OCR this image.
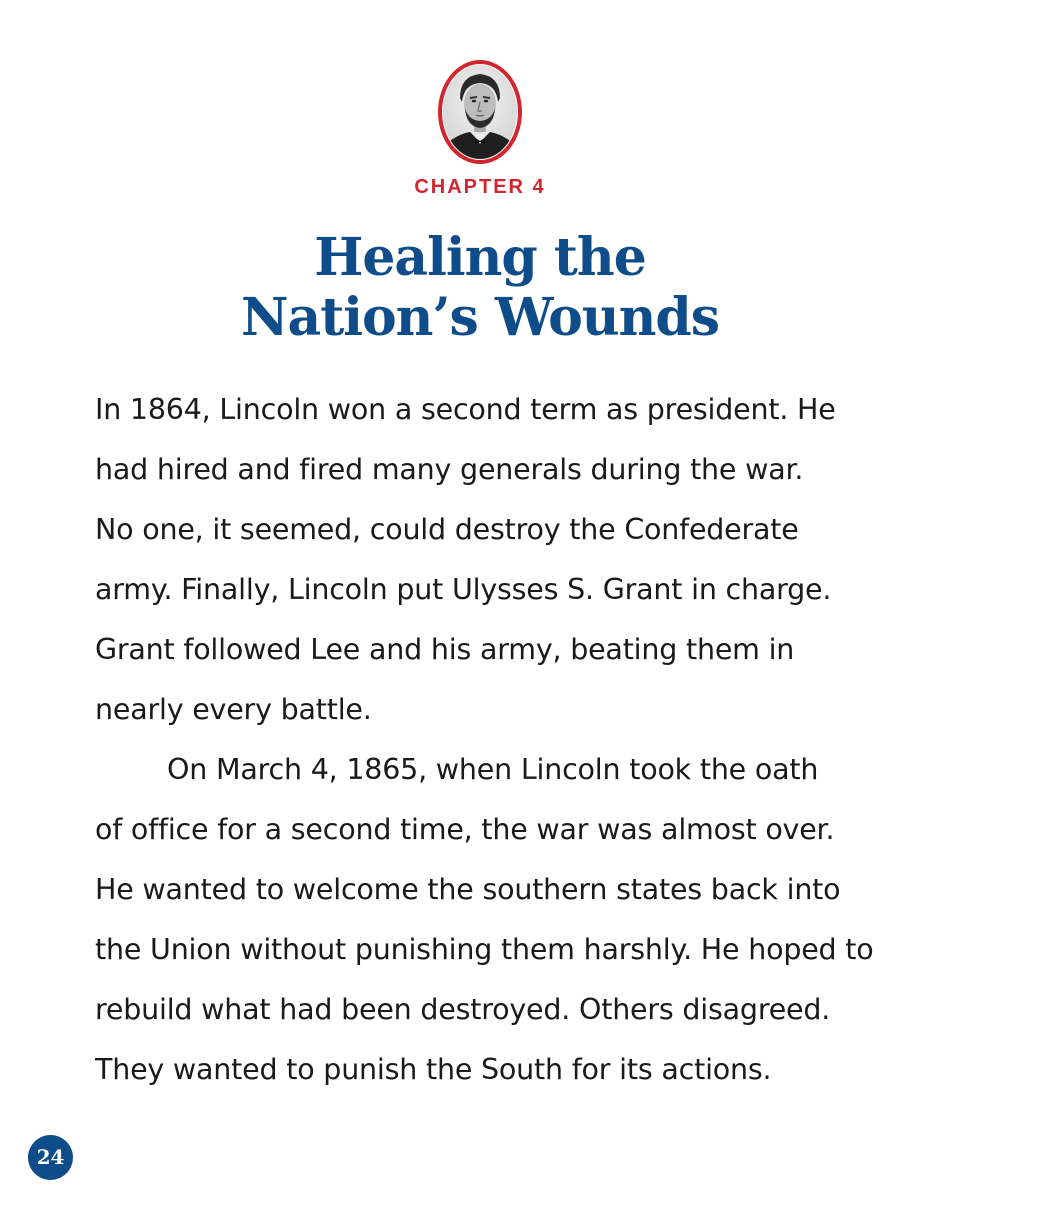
CHAPTER 4
Healing the
Nation’s Wounds
In 1864, Lincoln won a second term as president. He
had hired and fired many generals during the war.
No one, it seemed, could destroy the Confederate
army. Finally, Lincoln put Ulysses S. Grant in charge.
Grant followed Lee and his army, beating them in
nearly every battle.
On March 4, 1865, when Lincoln took the oath
of office for a second time, the war was almost over.
He wanted to welcome the southern states back into
the Union without punishing them harshly. He hoped to
rebuild what had been destroyed. Others disagreed.
They wanted to punish the South for its actions.
24
